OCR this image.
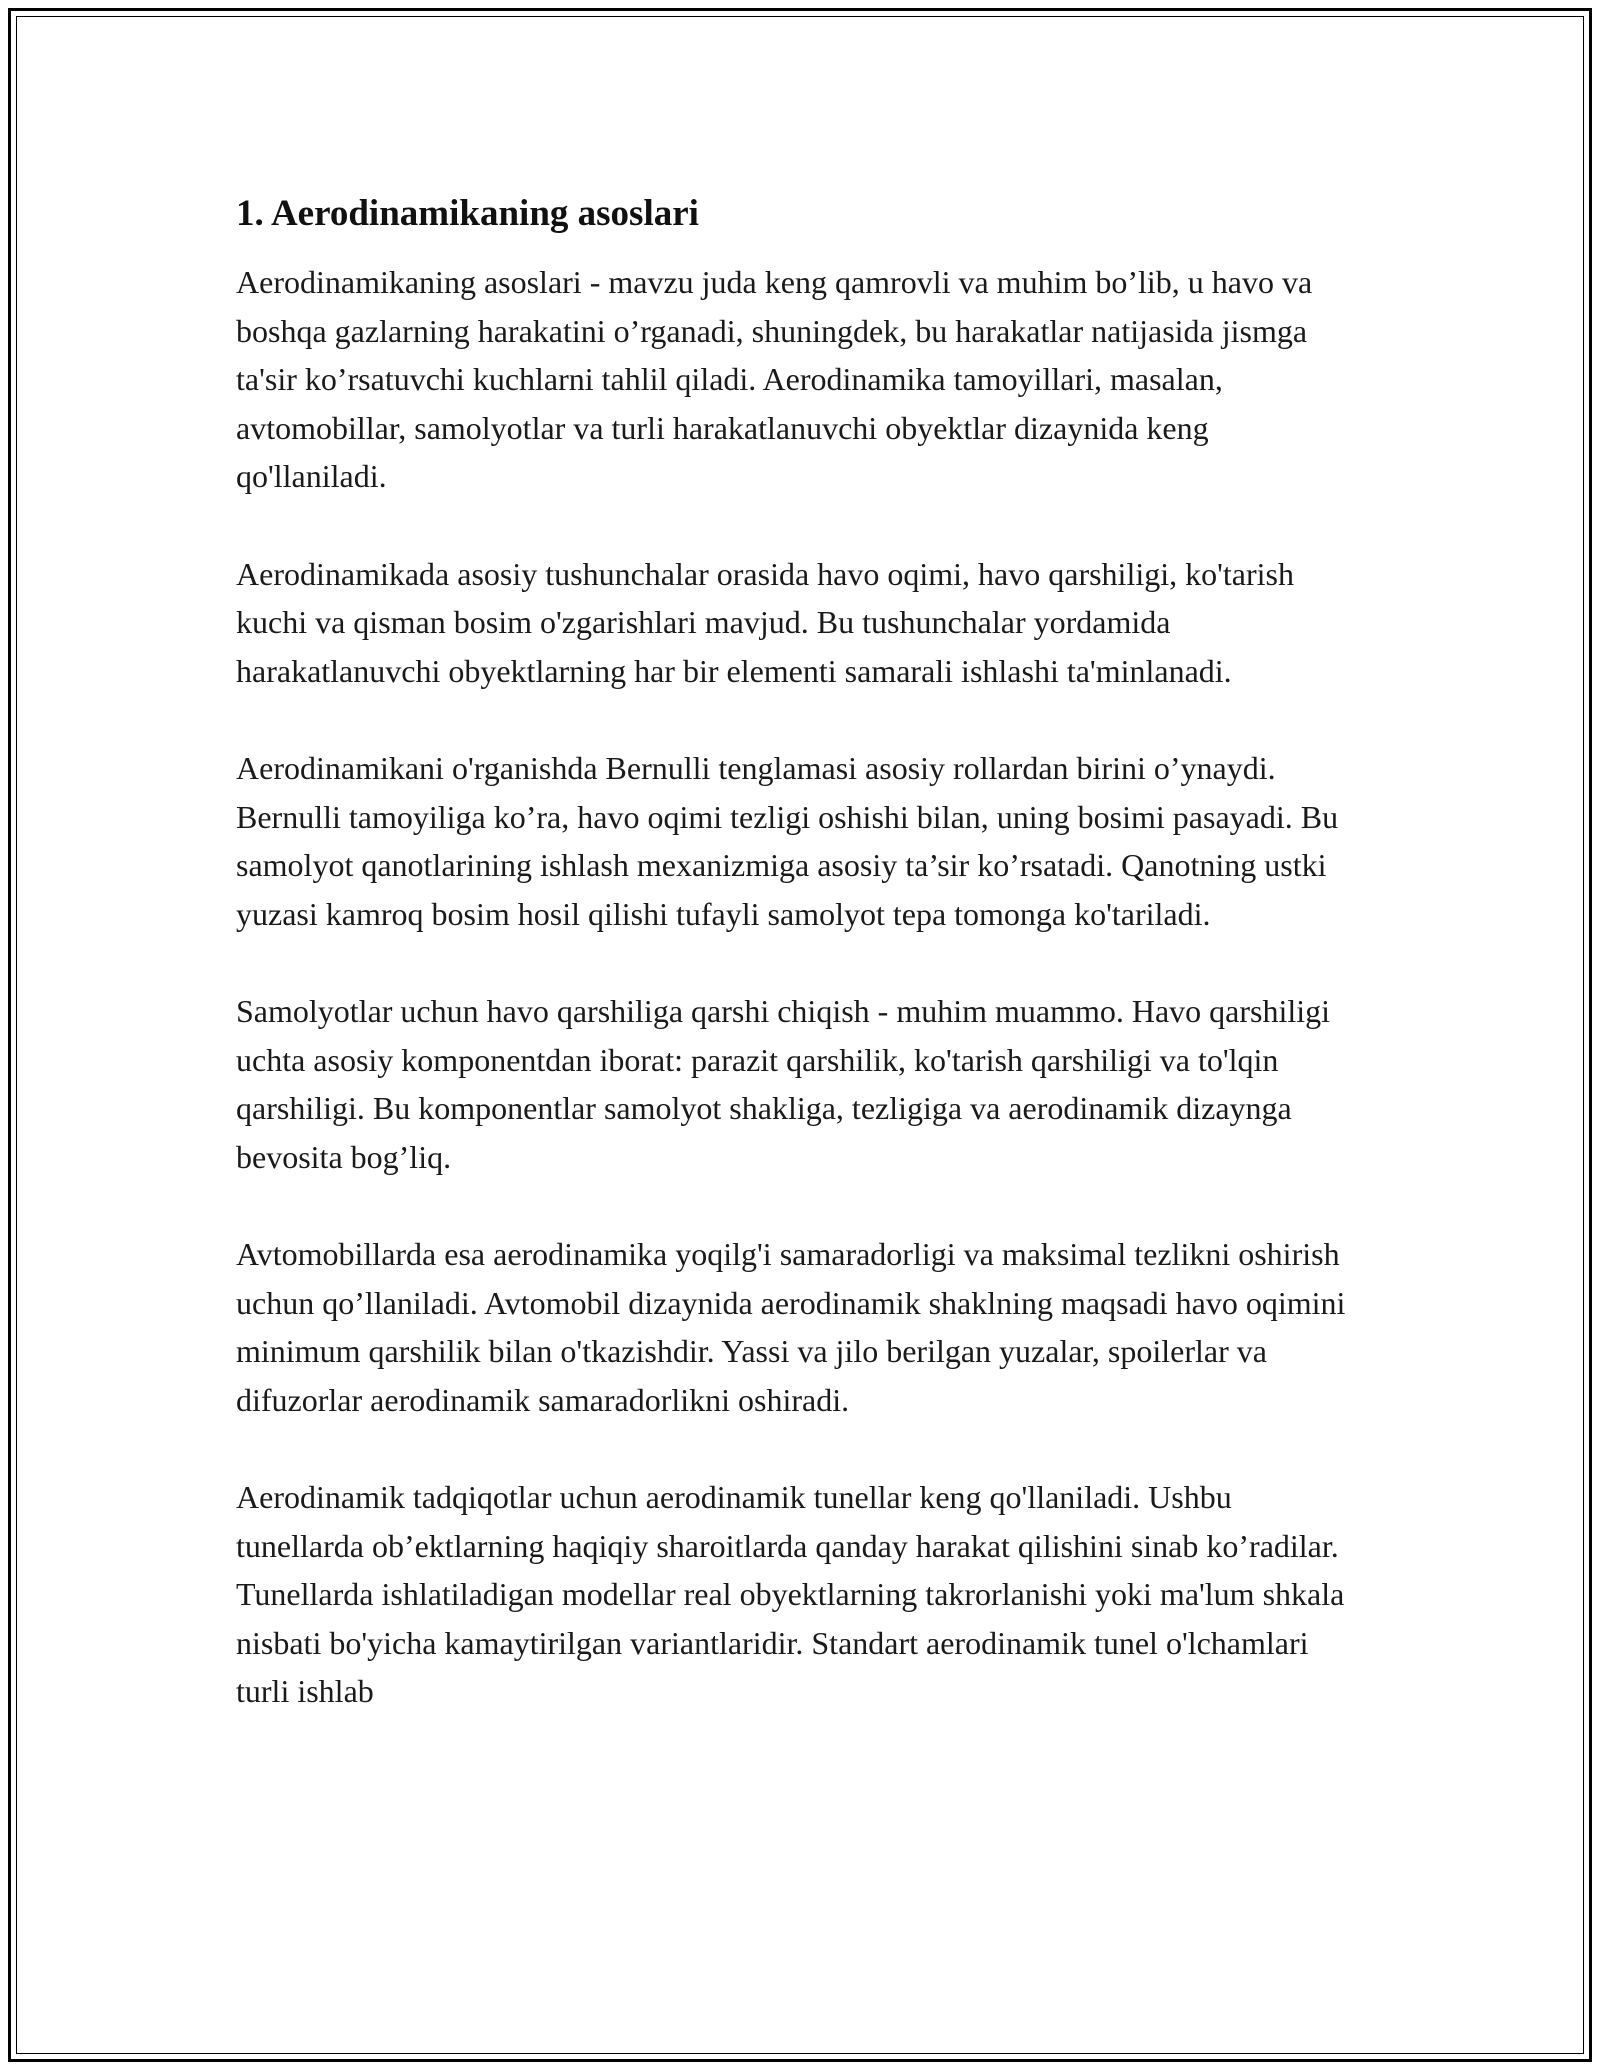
1. Aerodinamikaning asoslari

Aerodinamikaning asoslari - mavzu juda keng qamrovli va muhim bo’lib, u havo va boshqa gazlarning harakatini o’rganadi, shuningdek, bu harakatlar natijasida jismga ta'sir ko’rsatuvchi kuchlarni tahlil qiladi. Aerodinamika tamoyillari, masalan, avtomobillar, samolyotlar va turli harakatlanuvchi obyektlar dizaynida keng qo'llaniladi.

Aerodinamikada asosiy tushunchalar orasida havo oqimi, havo qarshiligi, ko'tarish kuchi va qisman bosim o'zgarishlari mavjud. Bu tushunchalar yordamida harakatlanuvchi obyektlarning har bir elementi samarali ishlashi ta'minlanadi.

Aerodinamikani o'rganishda Bernulli tenglamasi asosiy rollardan birini o’ynaydi. Bernulli tamoyiliga ko’ra, havo oqimi tezligi oshishi bilan, uning bosimi pasayadi. Bu samolyot qanotlarining ishlash mexanizmiga asosiy ta’sir ko’rsatadi. Qanotning ustki yuzasi kamroq bosim hosil qilishi tufayli samolyot tepa tomonga ko'tariladi.

Samolyotlar uchun havo qarshiliga qarshi chiqish - muhim muammo. Havo qarshiligi uchta asosiy komponentdan iborat: parazit qarshilik, ko'tarish qarshiligi va to'lqin qarshiligi. Bu komponentlar samolyot shakliga, tezligiga va aerodinamik dizaynga bevosita bog’liq.

Avtomobillarda esa aerodinamika yoqilg'i samaradorligi va maksimal tezlikni oshirish uchun qo’llaniladi. Avtomobil dizaynida aerodinamik shaklning maqsadi havo oqimini minimum qarshilik bilan o'tkazishdir. Yassi va jilo berilgan yuzalar, spoilerlar va difuzorlar aerodinamik samaradorlikni oshiradi.

Aerodinamik tadqiqotlar uchun aerodinamik tunellar keng qo'llaniladi. Ushbu tunellarda ob’ektlarning haqiqiy sharoitlarda qanday harakat qilishini sinab ko’radilar. Tunellarda ishlatiladigan modellar real obyektlarning takrorlanishi yoki ma'lum shkala nisbati bo'yicha kamaytirilgan variantlaridir. Standart aerodinamik tunel o'lchamlari turli ishlab
